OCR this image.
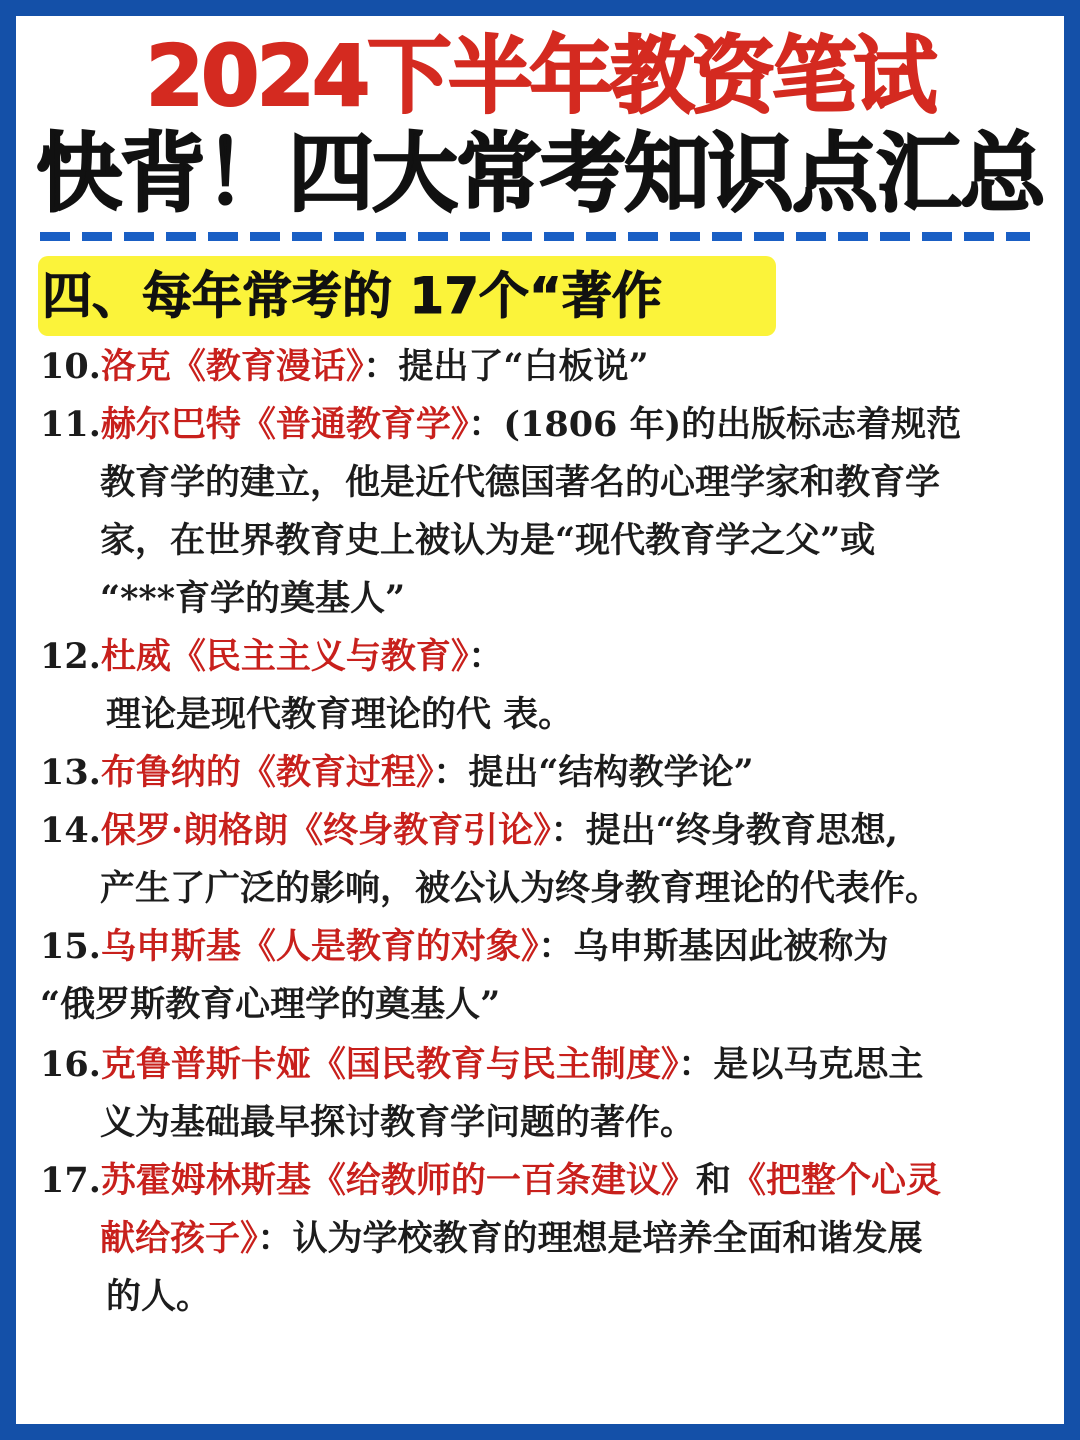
2024下半年教资笔试
快背！四大常考知识点汇总
四、每年常考的 17个“著作
10.洛克《教育漫话》：提出了“白板说”
11.赫尔巴特《普通教育学》：(1806 年)的出版标志着规范
教育学的建立，他是近代德国著名的心理学家和教育学
家，在世界教育史上被认为是“现代教育学之父”或
“***育学的奠基人”
12.杜威《民主主义与教育》：
理论是现代教育理论的代 表。
13.布鲁纳的《教育过程》：提出“结构教学论”
14.保罗·朗格朗《终身教育引论》：提出“终身教育思想,
产生了广泛的影响，被公认为终身教育理论的代表作。
15.乌申斯基《人是教育的对象》：乌申斯基因此被称为
“俄罗斯教育心理学的奠基人”
16.克鲁普斯卡娅《国民教育与民主制度》：是以马克思主
义为基础最早探讨教育学问题的著作。
17.苏霍姆林斯基《给教师的一百条建议》和《把整个心灵
献给孩子》：认为学校教育的理想是培养全面和谐发展
的人。
